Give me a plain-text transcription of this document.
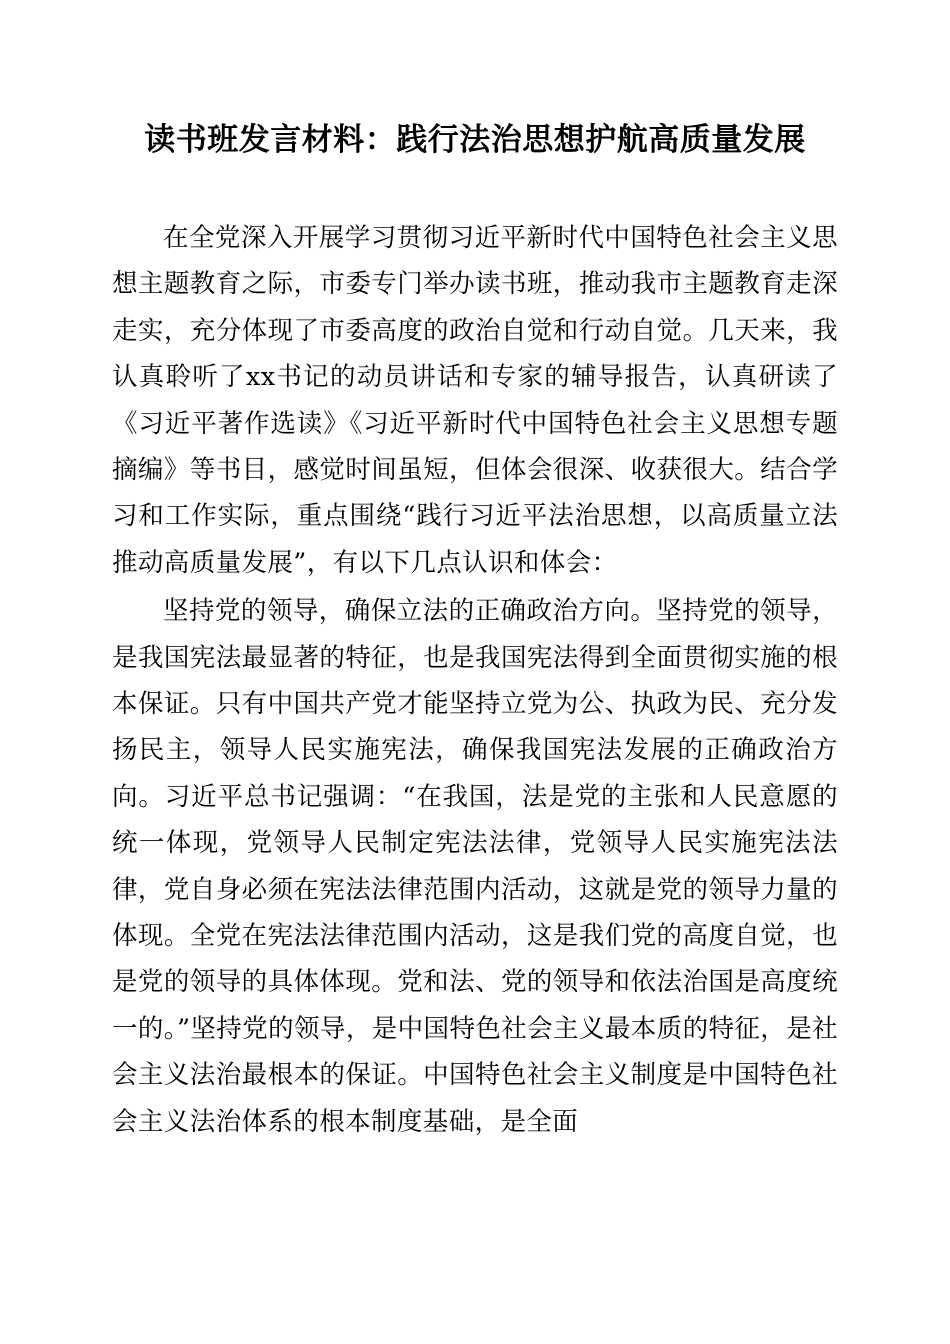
读书班发言材料：践行法治思想护航高质量发展

在全党深入开展学习贯彻习近平新时代中国特色社会主义思想主题教育之际，市委专门举办读书班，推动我市主题教育走深走实，充分体现了市委高度的政治自觉和行动自觉。几天来，我认真聆听了xx书记的动员讲话和专家的辅导报告，认真研读了《习近平著作选读》《习近平新时代中国特色社会主义思想专题摘编》等书目，感觉时间虽短，但体会很深、收获很大。结合学习和工作实际，重点围绕“践行习近平法治思想，以高质量立法推动高质量发展”，有以下几点认识和体会：

坚持党的领导，确保立法的正确政治方向。坚持党的领导，是我国宪法最显著的特征，也是我国宪法得到全面贯彻实施的根本保证。只有中国共产党才能坚持立党为公、执政为民、充分发扬民主，领导人民实施宪法，确保我国宪法发展的正确政治方向。习近平总书记强调：“在我国，法是党的主张和人民意愿的统一体现，党领导人民制定宪法法律，党领导人民实施宪法法律，党自身必须在宪法法律范围内活动，这就是党的领导力量的体现。全党在宪法法律范围内活动，这是我们党的高度自觉，也是党的领导的具体体现。党和法、党的领导和依法治国是高度统一的。”坚持党的领导，是中国特色社会主义最本质的特征，是社会主义法治最根本的保证。中国特色社会主义制度是中国特色社会主义法治体系的根本制度基础，是全面
